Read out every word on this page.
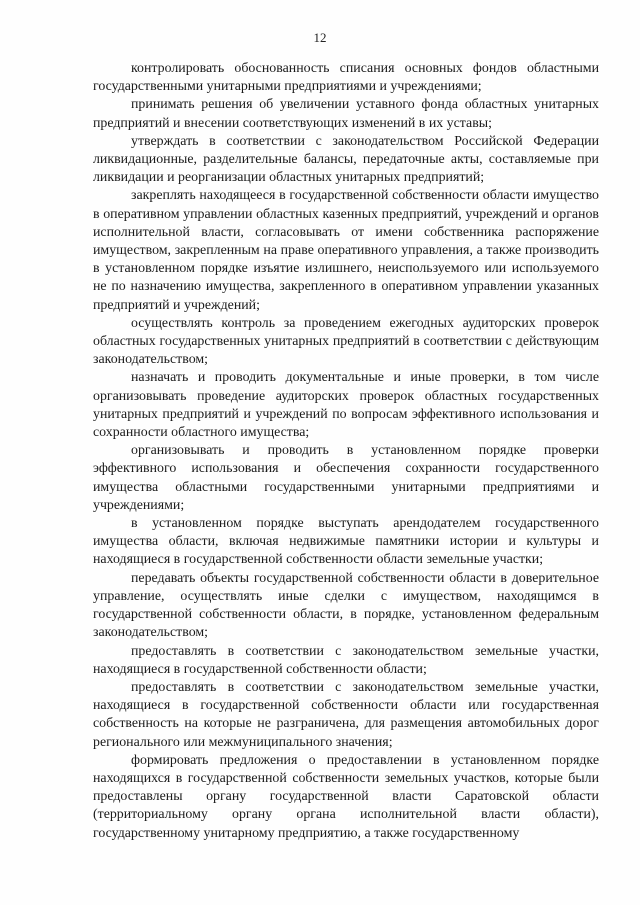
12

контролировать обоснованность списания основных фондов областными государственными унитарными предприятиями и учреждениями;

принимать решения об увеличении уставного фонда областных унитарных предприятий и внесении соответствующих изменений в их уставы;

утверждать в соответствии с законодательством Российской Федерации ликвидационные, разделительные балансы, передаточные акты, составляемые при ликвидации и реорганизации областных унитарных предприятий;

закреплять находящееся в государственной собственности области имущество в оперативном управлении областных казенных предприятий, учреждений и органов исполнительной власти, согласовывать от имени собственника распоряжение имуществом, закрепленным на праве оперативного управления, а также производить в установленном порядке изъятие излишнего, неиспользуемого или используемого не по назначению имущества, закрепленного в оперативном управлении указанных предприятий и учреждений;

осуществлять контроль за проведением ежегодных аудиторских проверок областных государственных унитарных предприятий в соответствии с действующим законодательством;

назначать и проводить документальные и иные проверки, в том числе организовывать проведение аудиторских проверок областных государственных унитарных предприятий и учреждений по вопросам эффективного использования и сохранности областного имущества;

организовывать и проводить в установленном порядке проверки эффективного использования и обеспечения сохранности государственного имущества областными государственными унитарными предприятиями и учреждениями;

в установленном порядке выступать арендодателем государственного имущества области, включая недвижимые памятники истории и культуры и находящиеся в государственной собственности области земельные участки;

передавать объекты государственной собственности области в доверительное управление, осуществлять иные сделки с имуществом, находящимся в государственной собственности области, в порядке, установленном федеральным законодательством;

предоставлять в соответствии с законодательством земельные участки, находящиеся в государственной собственности области;

предоставлять в соответствии с законодательством земельные участки, находящиеся в государственной собственности области или государственная собственность на которые не разграничена, для размещения автомобильных дорог регионального или межмуниципального значения;

формировать предложения о предоставлении в установленном порядке находящихся в государственной собственности земельных участков, которые были предоставлены органу государственной власти Саратовской области (территориальному органу органа исполнительной власти области), государственному унитарному предприятию, а также государственному
